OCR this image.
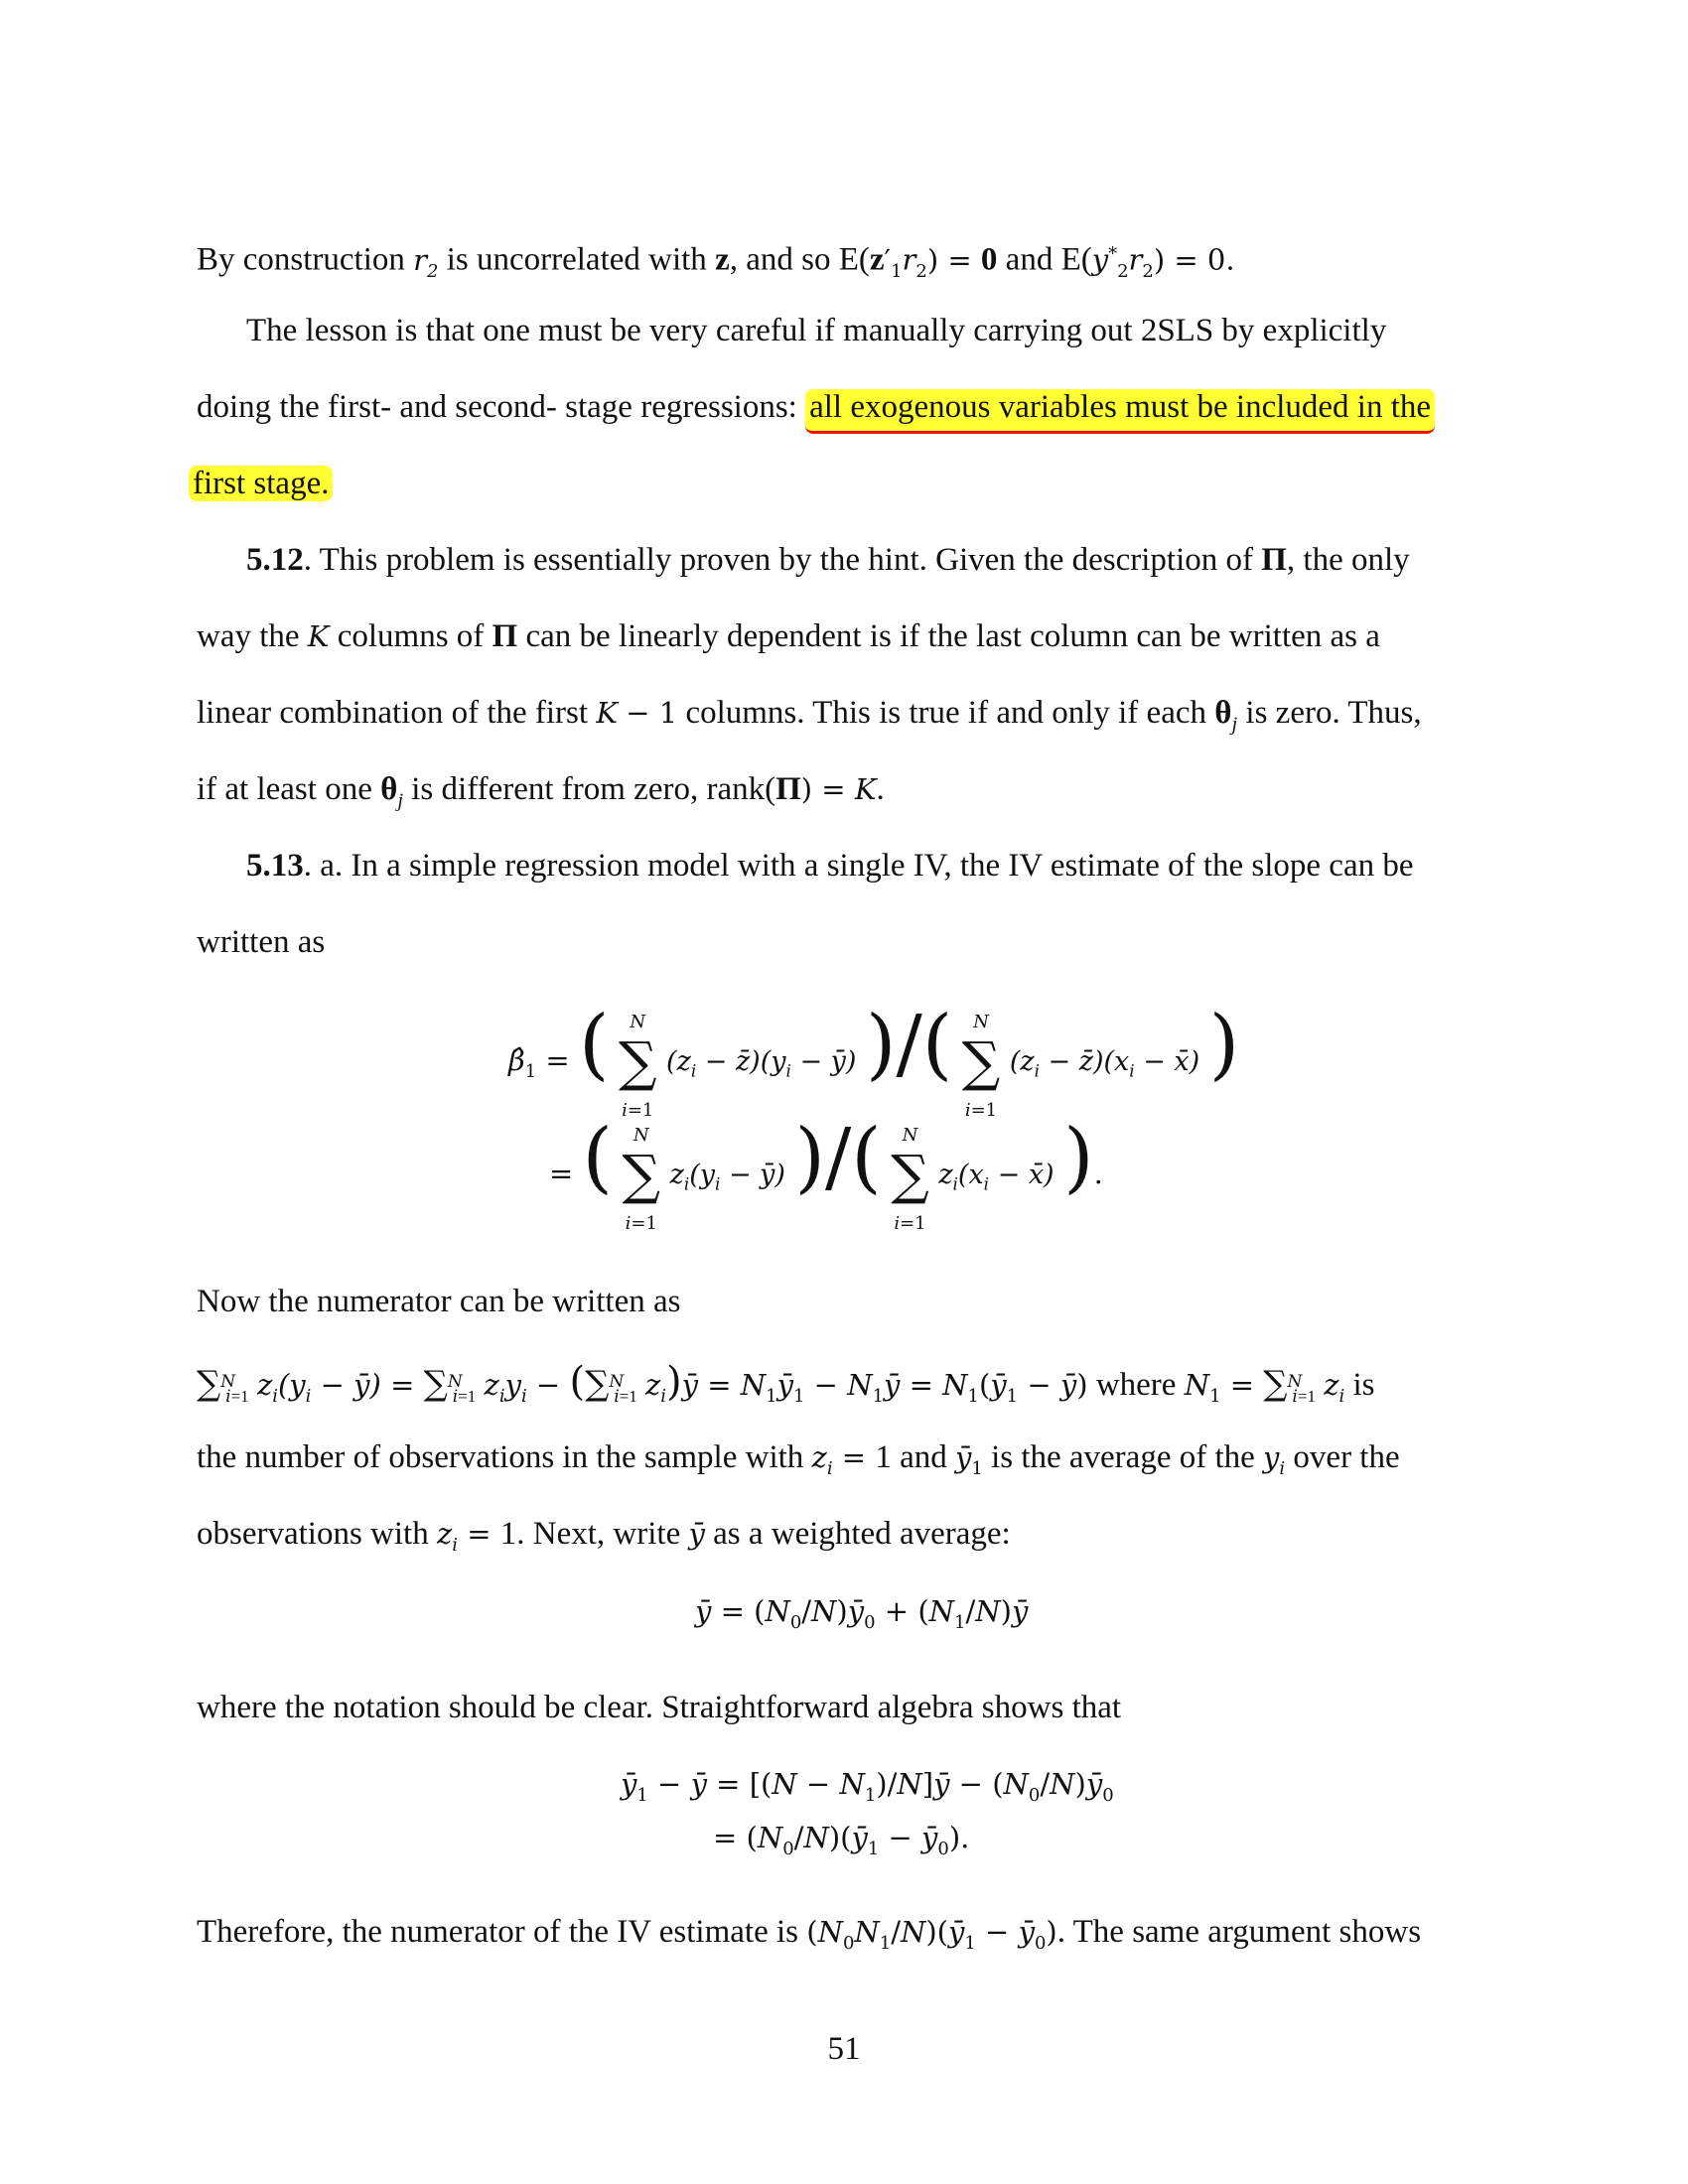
By construction $r_2$ is uncorrelated with z, and so $E(z'_1r_2) = 0$ and $E(y^*_2r_2) = 0$.
The lesson is that one must be very careful if manually carrying out 2SLS by explicitly
doing the first- and second- stage regressions: all exogenous variables must be included in the
first stage.
5.12. This problem is essentially proven by the hint. Given the description of Π, the only
way the K columns of Π can be linearly dependent is if the last column can be written as a
linear combination of the first K − 1 columns. This is true if and only if each $\theta_j$ is zero. Thus,
if at least one $\theta_j$ is different from zero, rank(Π) = K.
5.13. a. In a simple regression model with a single IV, the IV estimate of the slope can be
written as
$\betâ_1$ = ( N
∑
i=1 ($z_i$ − $z̄)(y_i$ − ȳ) )/( N
∑
i=1 ($z_i$ − $z̄)(x_i$ − x̄) )
= ( N
∑
i=1 $z_i(y_i$ − ȳ) )/( N
∑
i=1 $z_i(x_i$ − x̄) ).
Now the numerator can be written as
∑$^N$i=1 $z_i(y_i$ − ȳ) = ∑$^N$i=1 $z_iy_i - (\sum^Ni=1$ $z_i)ȳ$ = $N_1ȳ_1$ − $N_1ȳ$ = $N_1(ȳ_1$ − ȳ) where $N_1 = \sum^Ni=1$ $z_i$ is
the number of observations in the sample with $z_i = 1$ and $ȳ_1$ is the average of the $y_i$ over the
observations with $z_i = 1$. Next, write ȳ as a weighted average:
ȳ = $(N_0/N)ȳ_0$ + $(N_1/N)ȳ$
where the notation should be clear. Straightforward algebra shows that
$ȳ_1$ − ȳ = $[(N - N_1)/N]ȳ$ − $(N_0/N)ȳ_0$
= $(N_0/N)(ȳ_1$ − $ȳ_0$).
Therefore, the numerator of the IV estimate is $(N_0N_1/N)(ȳ_1$ − $ȳ_0$). The same argument shows
51
